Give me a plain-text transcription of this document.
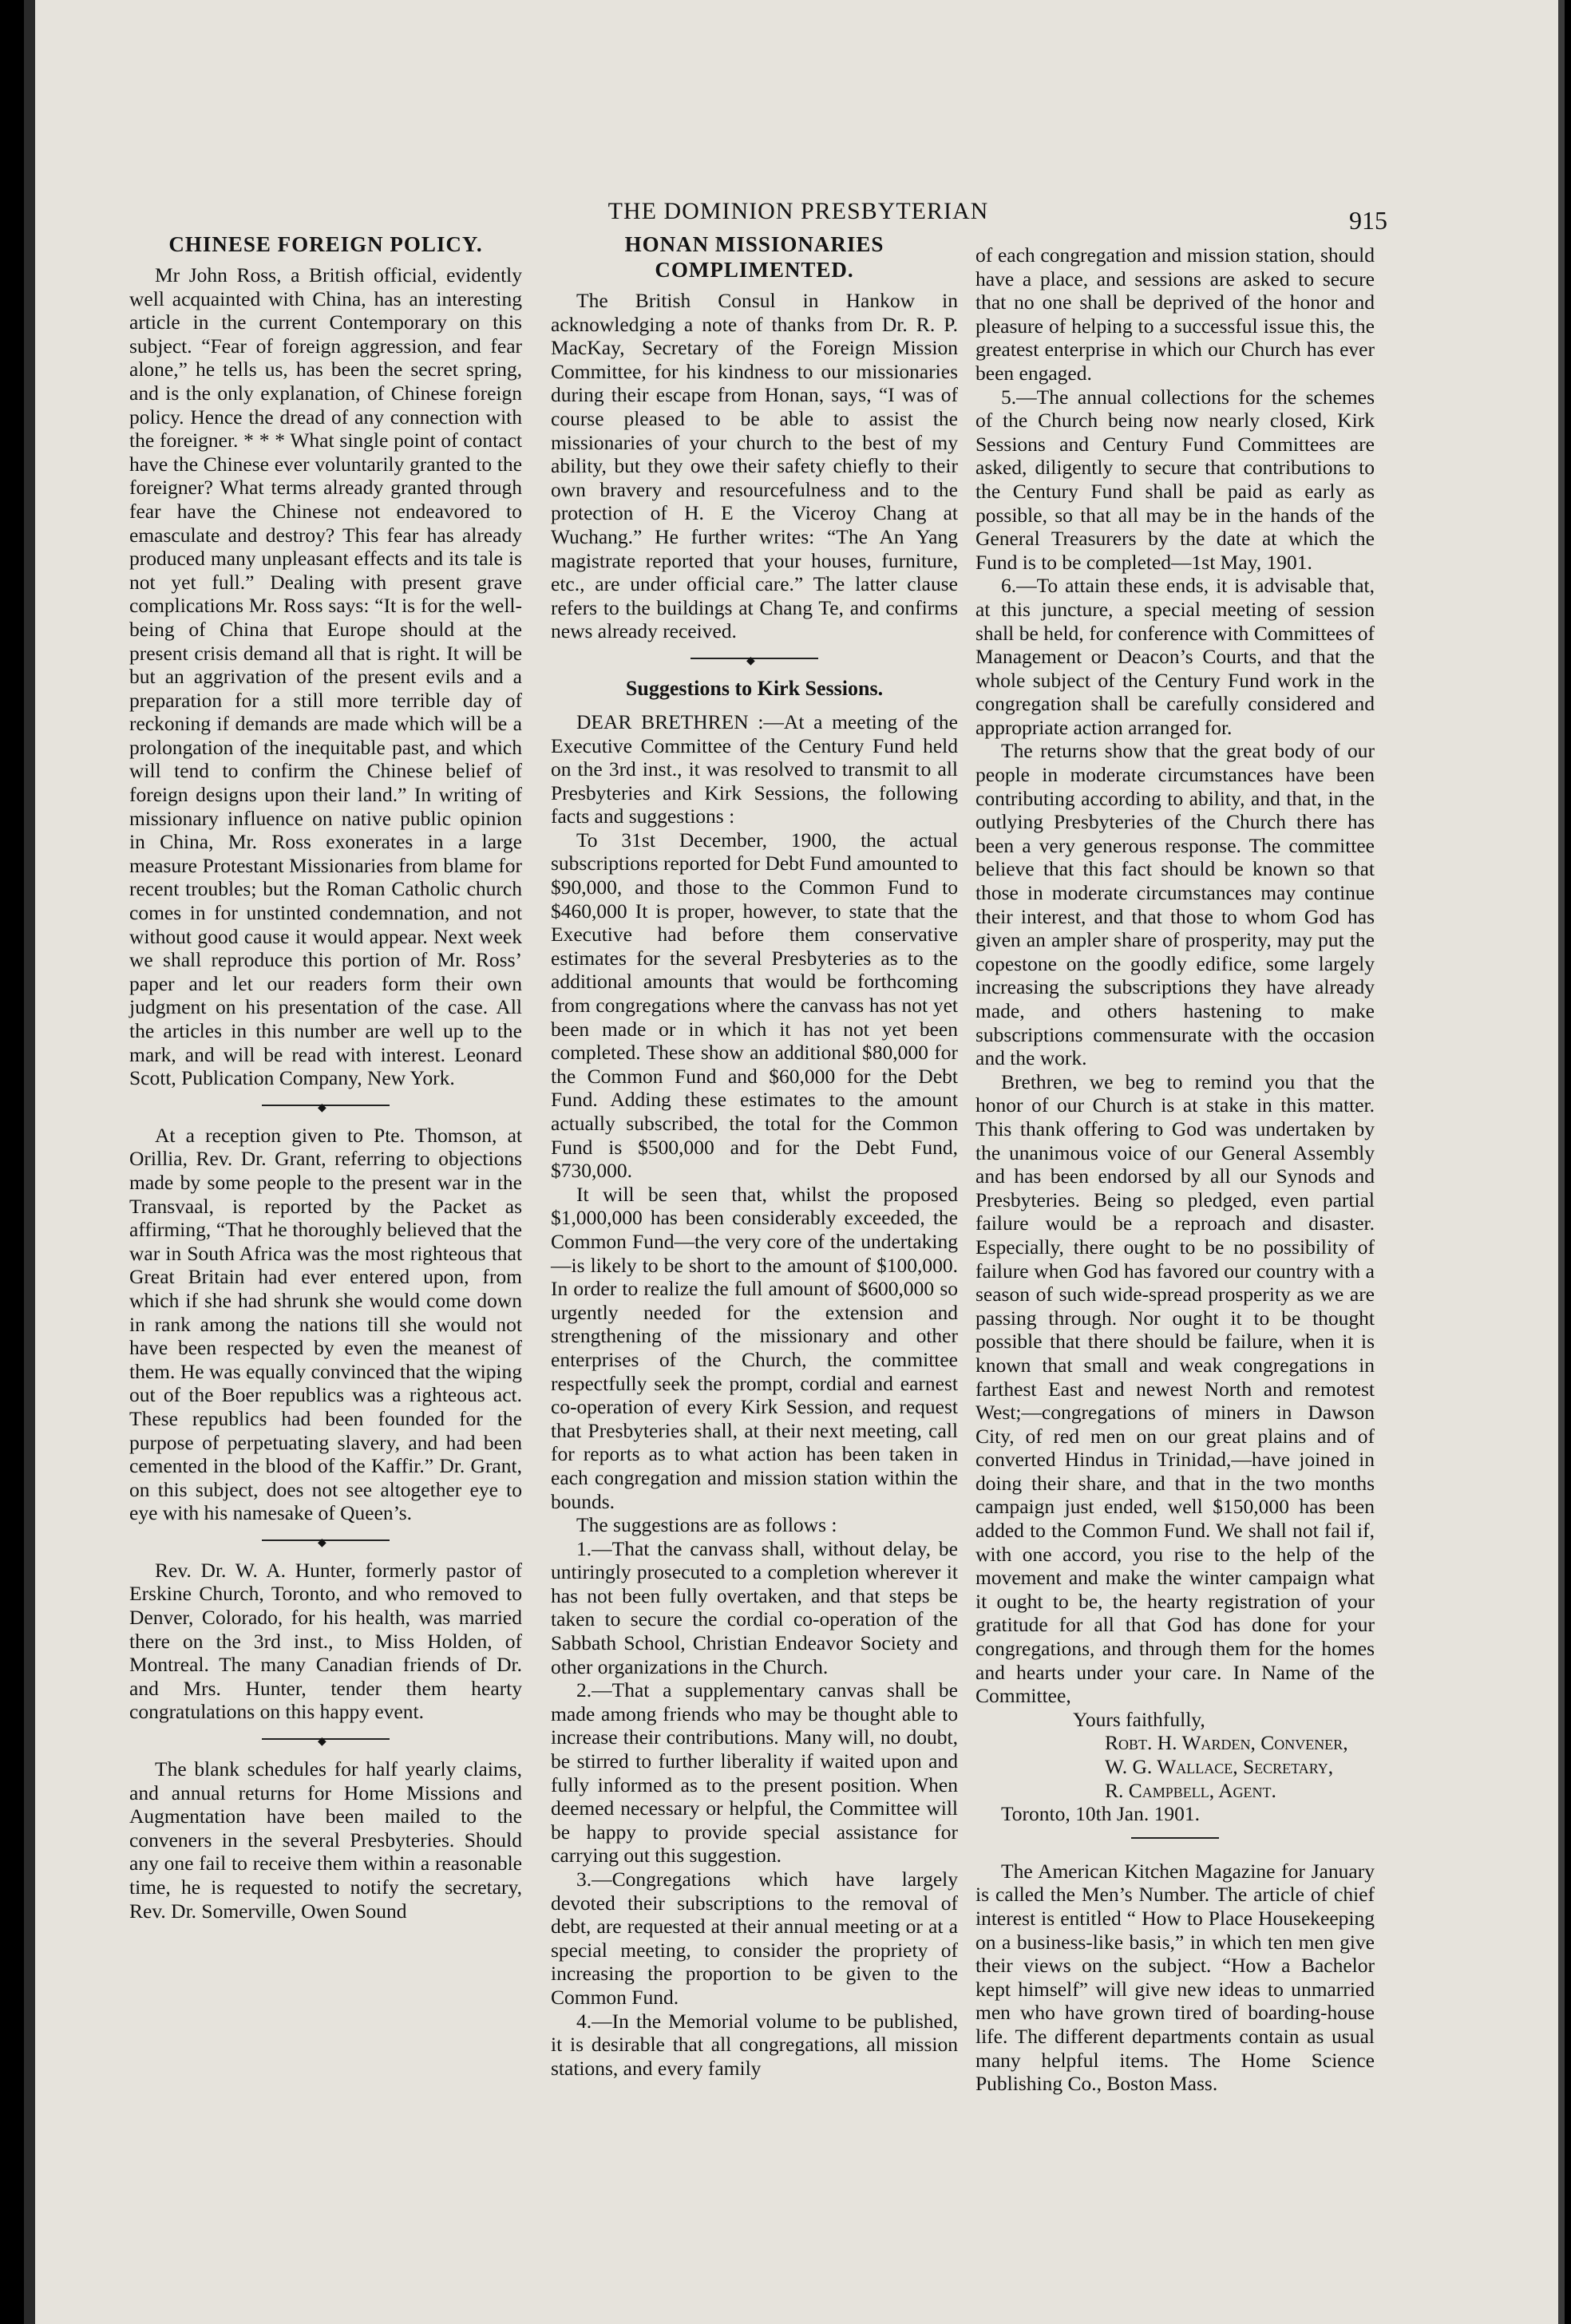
THE DOMINION PRESBYTERIAN	915
CHINESE FOREIGN POLICY.

Mr John Ross, a British official, evidently well acquainted with China, has an interesting article in the current Contemporary on this subject. “Fear of foreign aggression, and fear alone,” he tells us, has been the secret spring, and is the only explanation, of Chinese foreign policy. Hence the dread of any connection with the foreigner. * * * What single point of contact have the Chinese ever voluntarily granted to the foreigner? What terms already granted through fear have the Chinese not endeavored to emasculate and destroy? This fear has already produced many unpleasant effects and its tale is not yet full.” Dealing with present grave complications Mr. Ross says: “It is for the well-being of China that Europe should at the present crisis demand all that is right. It will be but an aggrivation of the present evils and a preparation for a still more terrible day of reckoning if demands are made which will be a prolongation of the inequitable past, and which will tend to confirm the Chinese belief of foreign designs upon their land.” In writing of missionary influence on native public opinion in China, Mr. Ross exonerates in a large measure Protestant Missionaries from blame for recent troubles; but the Roman Catholic church comes in for unstinted condemnation, and not without good cause it would appear. Next week we shall reproduce this portion of Mr. Ross’ paper and let our readers form their own judgment on his presentation of the case. All the articles in this number are well up to the mark, and will be read with interest. Leonard Scott, Publication Company, New York.

◆

At a reception given to Pte. Thomson, at Orillia, Rev. Dr. Grant, referring to objections made by some people to the present war in the Transvaal, is reported by the Packet as affirming, “That he thoroughly believed that the war in South Africa was the most righteous that Great Britain had ever entered upon, from which if she had shrunk she would come down in rank among the nations till she would not have been respected by even the meanest of them. He was equally convinced that the wiping out of the Boer republics was a righteous act. These republics had been founded for the purpose of perpetuating slavery, and had been cemented in the blood of the Kaffir.” Dr. Grant, on this subject, does not see altogether eye to eye with his namesake of Queen’s.

◆

Rev. Dr. W. A. Hunter, formerly pastor of Erskine Church, Toronto, and who removed to Denver, Colorado, for his health, was married there on the 3rd inst., to Miss Holden, of Montreal. The many Canadian friends of Dr. and Mrs. Hunter, tender them hearty congratulations on this happy event.

◆

The blank schedules for half yearly claims, and annual returns for Home Missions and Augmentation have been mailed to the conveners in the several Presbyteries. Should any one fail to receive them within a reasonable time, he is requested to notify the secretary, Rev. Dr. Somerville, Owen Sound

HONAN MISSIONARIES COMPLIMENTED.

The British Consul in Hankow in acknowledging a note of thanks from Dr. R. P. MacKay, Secretary of the Foreign Mission Committee, for his kindness to our missionaries during their escape from Honan, says, “I was of course pleased to be able to assist the missionaries of your church to the best of my ability, but they owe their safety chiefly to their own bravery and resourcefulness and to the protection of H. E the Viceroy Chang at Wuchang.” He further writes: “The An Yang magistrate reported that your houses, furniture, etc., are under official care.” The latter clause refers to the buildings at Chang Te, and confirms news already received.

◆
Suggestions to Kirk Sessions.

DEAR BRETHREN :—At a meeting of the Executive Committee of the Century Fund held on the 3rd inst., it was resolved to transmit to all Presbyteries and Kirk Sessions, the following facts and suggestions :

To 31st December, 1900, the actual subscriptions reported for Debt Fund amounted to $90,000, and those to the Common Fund to $460,000 It is proper, however, to state that the Executive had before them conservative estimates for the several Presbyteries as to the additional amounts that would be forthcoming from congregations where the canvass has not yet been made or in which it has not yet been completed. These show an additional $80,000 for the Common Fund and $60,000 for the Debt Fund. Adding these estimates to the amount actually subscribed, the total for the Common Fund is $500,000 and for the Debt Fund, $730,000.

It will be seen that, whilst the proposed $1,000,000 has been considerably exceeded, the Common Fund—the very core of the undertaking—is likely to be short to the amount of $100,000. In order to realize the full amount of $600,000 so urgently needed for the extension and strengthening of the missionary and other enterprises of the Church, the committee respectfully seek the prompt, cordial and earnest co-operation of every Kirk Session, and request that Presbyteries shall, at their next meeting, call for reports as to what action has been taken in each congregation and mission station within the bounds.

The suggestions are as follows :

1.—That the canvass shall, without delay, be untiringly prosecuted to a completion wherever it has not been fully overtaken, and that steps be taken to secure the cordial co-operation of the Sabbath School, Christian Endeavor Society and other organizations in the Church.

2.—That a supplementary canvas shall be made among friends who may be thought able to increase their contributions. Many will, no doubt, be stirred to further liberality if waited upon and fully informed as to the present position. When deemed necessary or helpful, the Committee will be happy to provide special assistance for carrying out this suggestion.

3.—Congregations which have largely devoted their subscriptions to the removal of debt, are requested at their annual meeting or at a special meeting, to consider the propriety of increasing the proportion to be given to the Common Fund.

4.—In the Memorial volume to be published, it is desirable that all congregations, all mission stations, and every family

of each congregation and mission station, should have a place, and sessions are asked to secure that no one shall be deprived of the honor and pleasure of helping to a successful issue this, the greatest enterprise in which our Church has ever been engaged.

5.—The annual collections for the schemes of the Church being now nearly closed, Kirk Sessions and Century Fund Committees are asked, diligently to secure that contributions to the Century Fund shall be paid as early as possible, so that all may be in the hands of the General Treasurers by the date at which the Fund is to be completed—1st May, 1901.

6.—To attain these ends, it is advisable that, at this juncture, a special meeting of session shall be held, for conference with Committees of Management or Deacon’s Courts, and that the whole subject of the Century Fund work in the congregation shall be carefully considered and appropriate action arranged for.

The returns show that the great body of our people in moderate circumstances have been contributing according to ability, and that, in the outlying Presbyteries of the Church there has been a very generous response. The committee believe that this fact should be known so that those in moderate circumstances may continue their interest, and that those to whom God has given an ampler share of prosperity, may put the copestone on the goodly edifice, some largely increasing the subscriptions they have already made, and others hastening to make subscriptions commensurate with the occasion and the work.

Brethren, we beg to remind you that the honor of our Church is at stake in this matter. This thank offering to God was undertaken by the unanimous voice of our General Assembly and has been endorsed by all our Synods and Presbyteries. Being so pledged, even partial failure would be a reproach and disaster. Especially, there ought to be no possibility of failure when God has favored our country with a season of such wide-spread prosperity as we are passing through. Nor ought it to be thought possible that there should be failure, when it is known that small and weak congregations in farthest East and newest North and remotest West;—congregations of miners in Dawson City, of red men on our great plains and of converted Hindus in Trinidad,—have joined in doing their share, and that in the two months campaign just ended, well $150,000 has been added to the Common Fund. We shall not fail if, with one accord, you rise to the help of the movement and make the winter campaign what it ought to be, the hearty registration of your gratitude for all that God has done for your congregations, and through them for the homes and hearts under your care. In Name of the Committee,

Yours faithfully,

Robt. H. Warden, Convener,

W. G. Wallace, Secretary,

R. Campbell, Agent.

Toronto, 10th Jan. 1901.

The American Kitchen Magazine for January is called the Men’s Number. The article of chief interest is entitled “ How to Place Housekeeping on a business-like basis,” in which ten men give their views on the subject. “How a Bachelor kept himself” will give new ideas to unmarried men who have grown tired of boarding-house life. The different departments contain as usual many helpful items. The Home Science Publishing Co., Boston Mass.
